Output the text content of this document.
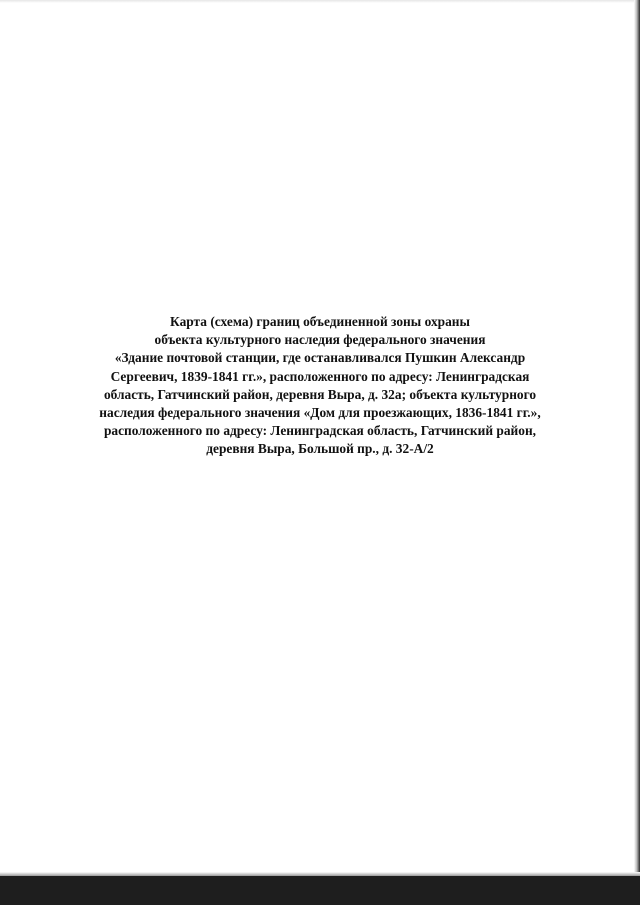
Карта (схема) границ объединенной зоны охраны
объекта культурного наследия федерального значения
«Здание почтовой станции, где останавливался Пушкин Александр
Сергеевич, 1839-1841 гг.», расположенного по адресу: Ленинградская
область, Гатчинский район, деревня Выра, д. 32а; объекта культурного
наследия федерального значения «Дом для проезжающих, 1836-1841 гг.»,
расположенного по адресу: Ленинградская область, Гатчинский район,
деревня Выра, Большой пр., д. 32-А/2
